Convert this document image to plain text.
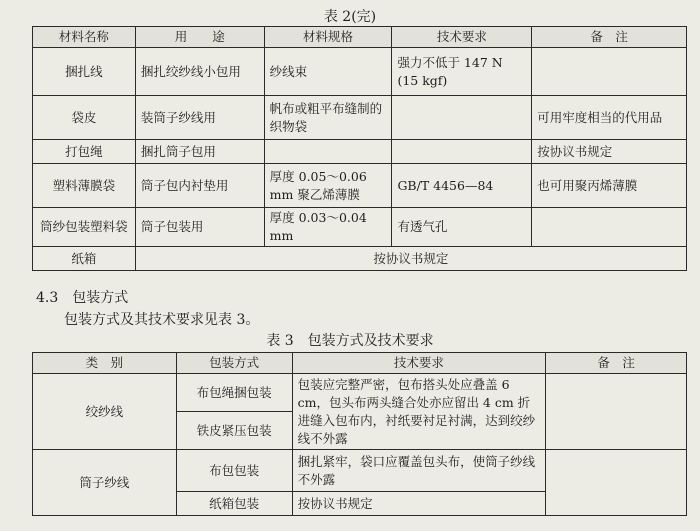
表 2(完)
材料名称	用　　途	材料规格	技术要求	备　注
捆扎线	捆扎绞纱线小包用	纱线束	强力不低于 147 N
(15 kgf)	
袋皮	装筒子纱线用	帆布或粗平布缝制的织物袋		可用牢度相当的代用品
打包绳	捆扎筒子包用			按协议书规定
塑料薄膜袋	筒子包内衬垫用	厚度 0.05～0.06 mm 聚乙烯薄膜	GB/T 4456—84	也可用聚丙烯薄膜
筒纱包装塑料袋	筒子包装用	厚度 0.03～0.04 mm	有透气孔	
纸箱	按协议书规定			
4.3  包装方式
包装方式及其技术要求见表 3。
表 3　包装方式及技术要求
类　别	包装方式	技术要求	备　注
绞纱线	布包绳捆包装	包装应完整严密，包布搭头处应叠盖 6 cm，包头布两头缝合处亦应留出 4 cm 折进缝入包布内，衬纸要衬足衬满，达到绞纱线不外露	
	铁皮紧压包装		
筒子纱线	布包包装	捆扎紧牢，袋口应覆盖包头布，使筒子纱线不外露	
	纸箱包装	按协议书规定	
